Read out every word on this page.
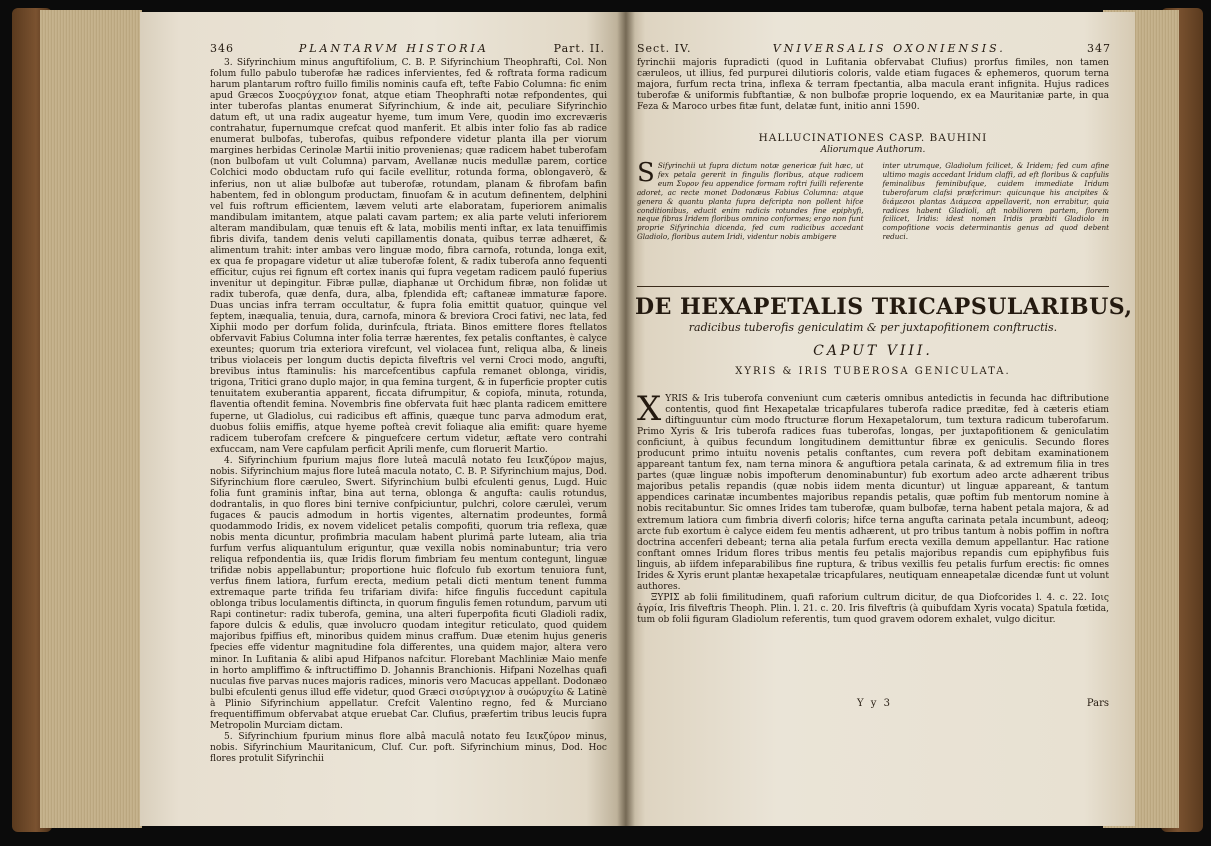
346	PLANTARVM HISTORIA	Part. II.

3. Sifyrinchium minus anguftifolium, C. B. P. Sifyrinchium Theophrafti, Col. Non folum fullo pabulo tuberofæ hæ radices infervientes, fed & roftrata forma radicum harum plantarum roftro fuillo fimilis nominis caufa eft, tefte Fabio Columna: fic enim apud Græcos Συοςρύγχιον fonat, atque etiam Theophrafti notæ refpondentes, qui inter tuberofas plantas enumerat Sifyrinchium, & inde ait, peculiare Sifyrinchio datum eft, ut una radix augeatur hyeme, tum imum Vere, quodin imo excreværis contrahatur, fupernumque crefcat quod manferit. Et albis inter folio fas ab radice enumerat bulbofas, tuberofas, quibus refpondere videtur planta illa per viorum margines herbidas Cerinolæ Martii initio provenienas; quæ radicem habet tuberofam (non bulbofam ut vult Columna) parvam, Avellanæ nucis medullæ parem, cortice Colchici modo obductam rufo qui facile evellitur, rotunda forma, oblongaverò, & inferius, non ut aliæ bulbofæ aut tuberofæ, rotundam, planam & fibrofam bafin habentem, fed in oblongum productam, finuofam & in acutum definentem, delphini vel fuis roftrum efficientem, lævem veluti arte elaboratam, fuperiorem animalis mandibulam imitantem, atque palati cavam partem; ex alia parte veluti inferiorem alteram mandibulam, quæ tenuis eft & lata, mobilis menti inftar, ex lata tenuiffimis fibris divifa, tandem denis veluti capillamentis donata, quibus terræ adhæret, & alimentum trahit: inter ambas vero linguæ modo, fibra carnofa, rotunda, longa exit, ex qua fe propagare videtur ut aliæ tuberofæ folent, & radix tuberofa anno fequenti efficitur, cujus rei fignum eft cortex inanis qui fupra vegetam radicem pauló fuperius invenitur ut depingitur. Fibræ pullæ, diaphanæ ut Orchidum fibræ, non folidæ ut radix tuberofa, quæ denfa, dura, alba, fplendida eft; caftaneæ immaturæ fapore. Duas uncias infra terram occultatur, & fupra folia emittit quatuor, quinque vel feptem, inæqualia, tenuia, dura, carnofa, minora & breviora Croci fativi, nec lata, fed Xiphii modo per dorfum folida, durinfcula, ftriata. Binos emittere flores ftellatos obfervavit Fabius Columna inter folia terræ hærentes, fex petalis conftantes, è calyce exeuntes; quorum tria exteriora virefcunt, vel violacea funt, reliqua alba, & lineis tribus violaceis per longum ductis depicta filveftris vel verni Croci modo, angufti, brevibus intus ftaminulis: his marcefcentibus capfula remanet oblonga, viridis, trigona, Tritici grano duplo major, in qua femina turgent, & in fuperficie propter cutis tenuitatem exuberantia apparent, ficcata difrumpitur, & copiofa, minuta, rotunda, flaventia oftendit femina. Novembris fine obfervata fuit hæc planta radicem emittere fuperne, ut Gladiolus, cui radicibus eft affinis, quæque tunc parva admodum erat, duobus foliis emiffis, atque hyeme pofteà crevit foliaque alia emifit: quare hyeme radicem tuberofam crefcere & pinguefcere certum videtur, æftate vero contrahi exfuccam, nam Vere capfulam perficit Aprili menfe, cum floruerit Martio.

4. Sifyrinchium fpurium majus flore luteâ maculâ notato feu Ιεικζύρον majus, nobis. Sifyrinchium majus flore luteâ macula notato, C. B. P. Sifyrinchium majus, Dod. Sifyrinchium flore cæruleo, Swert. Sifyrinchium bulbi efculenti genus, Lugd. Huic folia funt graminis inftar, bina aut terna, oblonga & angufta: caulis rotundus, dodrantalis, in quo flores bini ternive confpiciuntur, pulchri, colore cæruleì, verum fugaces & paucis admodum in hortis vigentes, alternatim prodeuntes, formâ quodammodo Iridis, ex novem videlicet petalis compofiti, quorum tria reflexa, quæ nobis menta dicuntur, profimbria maculam habent plurimâ parte luteam, alia tria furfum verfus aliquantulum eriguntur, quæ vexilla nobis nominabuntur; tria vero reliqua refpondentia iis, quæ Iridis florum fimbriam feu mentum contegunt, linguæ trifidæ nobis appellabuntur; proportione huic flofculo fub exortum tenuiora funt, verfus finem latiora, furfum erecta, medium petali dicti mentum tenent fumma extremaque parte trifida feu trifariam divifa: hifce fingulis fuccedunt capitula oblonga tribus loculamentis diftincta, in quorum fingulis femen rotundum, parvum uti Rapi continetur: radix tuberofa, gemina, una alteri fuperpofita ficuti Gladioli radix, fapore dulcis & edulis, quæ involucro quodam integitur reticulato, quod quidem majoribus fpiffius eft, minoribus quidem minus craffum. Duæ etenim hujus generis fpecies effe videntur magnitudine fola differentes, una quidem major, altera vero minor. In Lufitania & alibi apud Hifpanos nafcitur. Florebant Machliniæ Maio menfe in horto ampliffimo & inftructiffimo D. Johannis Branchionis. Hifpani Nozelhas quafi nuculas five parvas nuces majoris radices, minoris vero Macucas appellant. Dodonæo bulbi efculenti genus illud effe videtur, quod Græci σισύριγχιον à συώρυχίω & Latinè à Plinio Sifyrinchium appellatur. Crefcit Valentino regno, fed & Murciano frequentiffimum obfervabat atque eruebat Car. Clufius, præfertim tribus leucis fupra Metropolin Murciam dictam.

5. Sifyrinchium fpurium minus flore albâ maculâ notato feu Ιεικζύρον minus, nobis. Sifyrinchium Mauritanicum, Cluf. Cur. poft. Sifyrinchium minus, Dod. Hoc flores protulit Sifyrinchii

Sect. IV.	VNIVERSALIS OXONIENSIS.	347

fyrinchii majoris fupradicti (quod in Lufitania obfervabat Clufius) prorfus fimiles, non tamen cæruleos, ut illius, fed purpurei dilutioris coloris, valde etiam fugaces & ephemeros, quorum terna majora, furfum recta trina, inflexa & terram fpectantia, alba macula erant infignita. Hujus radices tuberofæ & uniformis fubftantiæ, & non bulbofæ proprie loquendo, ex ea Mauritaniæ parte, in qua Feza & Maroco urbes fitæ funt, delatæ funt, initio anni 1590.

HALLUCINATIONES CASP. BAUHINI
Aliorumque Authorum.
S Sifyrinchii ut fupra dictum notæ genericæ fuit hæc, ut fex petala gererit in fingulis floribus, atque radicem eum Συρον feu appendice formam roftri fuilli referente adoret, ac recte monet Dodonæus Fabius Columna: atque genera & quantu planta fupra defcripta non pollent hifce conditionibus, educit enim radicis rotundes fine epiphyfi, neque fibras Iridem floribus omnino conformes; ergo non funt proprie Sifyrinchia dicenda, fed cum radicibus accedant Gladiolo, floribus autem Iridi, videntur nobis ambigere
inter utrumque, Gladiolum fcilicet, & Iridem; fed cum afine ultimo magis accedant Iridum claffi, ad eft floribus & capfulis feminalibus feminibufque, cuidem immediate Iridum tuberofarum clafsi præfcrimur: quicunque his ancipites & διάμεσοι plantas Διάμεσα appellaverit, non errabitur, quia radices habent Gladioli, aft nobiliorem partem, florem fcilicet, Iridis: idest nomen Iridis præbiti Gladiolo in compofitione vocis determinantis genus ad quod debent reduci.
DE HEXAPETALIS TRICAPSULARIBUS,
radicibus tuberofis geniculatim & per juxtapofitionem conftructis.
CAPUT VIII.
XYRIS & IRIS TUBEROSA GENICULATA.

XYRIS & Iris tuberofa conveniunt cum cæteris omnibus antedictis in fecunda hac diftributione contentis, quod fint Hexapetalæ tricapfulares tuberofa radice præditæ, fed à cæteris etiam diftinguuntur cùm modo ftructuræ florum Hexapetalorum, tum textura radicum tuberofarum. Primo Xyris & Iris tuberofa radices fuas tuberofas, longas, per juxtapofitionem & geniculatim conficiunt, à quibus fecundum longitudinem demittuntur fibræ ex geniculis. Secundo flores producunt primo intuitu novenis petalis conftantes, cum revera poft debitam examinationem appareant tantum fex, nam terna minora & anguftiora petala carinata, & ad extremum filia in tres partes (quæ linguæ nobis impofterum denominabuntur) fub exortum adeo arcte adhærent tribus majoribus petalis repandis (quæ nobis iidem menta dicuntur) ut linguæ appareant, & tantum appendices carinatæ incumbentes majoribus repandis petalis, quæ poftim fub mentorum nomine à nobis recitabuntur. Sic omnes Irides tam tuberofæ, quam bulbofæ, terna habent petala majora, & ad extremum latiora cum fimbria diverfi coloris; hifce terna angufta carinata petala incumbunt, adeoq; arcte fub exortum è calyce eidem feu mentis adhærent, ut pro tribus tantum à nobis poffim in noftra doctrina accenferi debeant; terna alia petala furfum erecta vexilla demum appellantur. Hac ratione conftant omnes Iridum flores tribus mentis feu petalis majoribus repandis cum epiphyfibus fuis linguis, ab iifdem infeparabilibus fine ruptura, & tribus vexillis feu petalis furfum erectis: fic omnes Irides & Xyris erunt plantæ hexapetalæ tricapfulares, neutiquam enneapetalæ dicendæ funt ut volunt authores.

ΞΥΡΙΣ ab folii fimilitudinem, quafi raforium cultrum dicitur, de qua Diofcorides l. 4. c. 22. Ιοις ἀγρία, Iris filveftris Theoph. Plin. l. 21. c. 20. Iris filveftris (à quibufdam Xyris vocata) Spatula fœtida, tum ob folii figuram Gladiolum referentis, tum quod gravem odorem exhalet, vulgo dicitur.

Y y 3	Pars
